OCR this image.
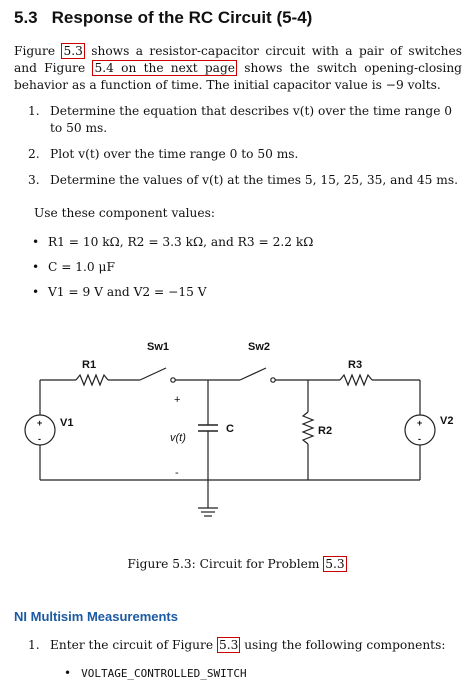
5.3 Response of the RC Circuit (5-4)
Figure 5.3 shows a resistor-capacitor circuit with a pair of switches and Figure 5.4 on the next page shows the switch opening-closing behavior as a function of time. The initial capacitor value is −9 volts.
1. Determine the equation that describes v(t) over the time range 0 to 50 ms.
2. Plot v(t) over the time range 0 to 50 ms.
3. Determine the values of v(t) at the times 5, 15, 25, 35, and 45 ms.
Use these component values:
• R1 = 10 kΩ, R2 = 3.3 kΩ, and R3 = 2.2 kΩ
• C = 1.0 μF
• V1 = 9 V and V2 = −15 V
Sw1	Sw2
R1	R3
V1	V2
C	R2
+
-
v(t)
+
-
+
-
Figure 5.3: Circuit for Problem 5.3
NI Multisim Measurements
1. Enter the circuit of Figure 5.3 using the following components:
• VOLTAGE_CONTROLLED_SWITCH
